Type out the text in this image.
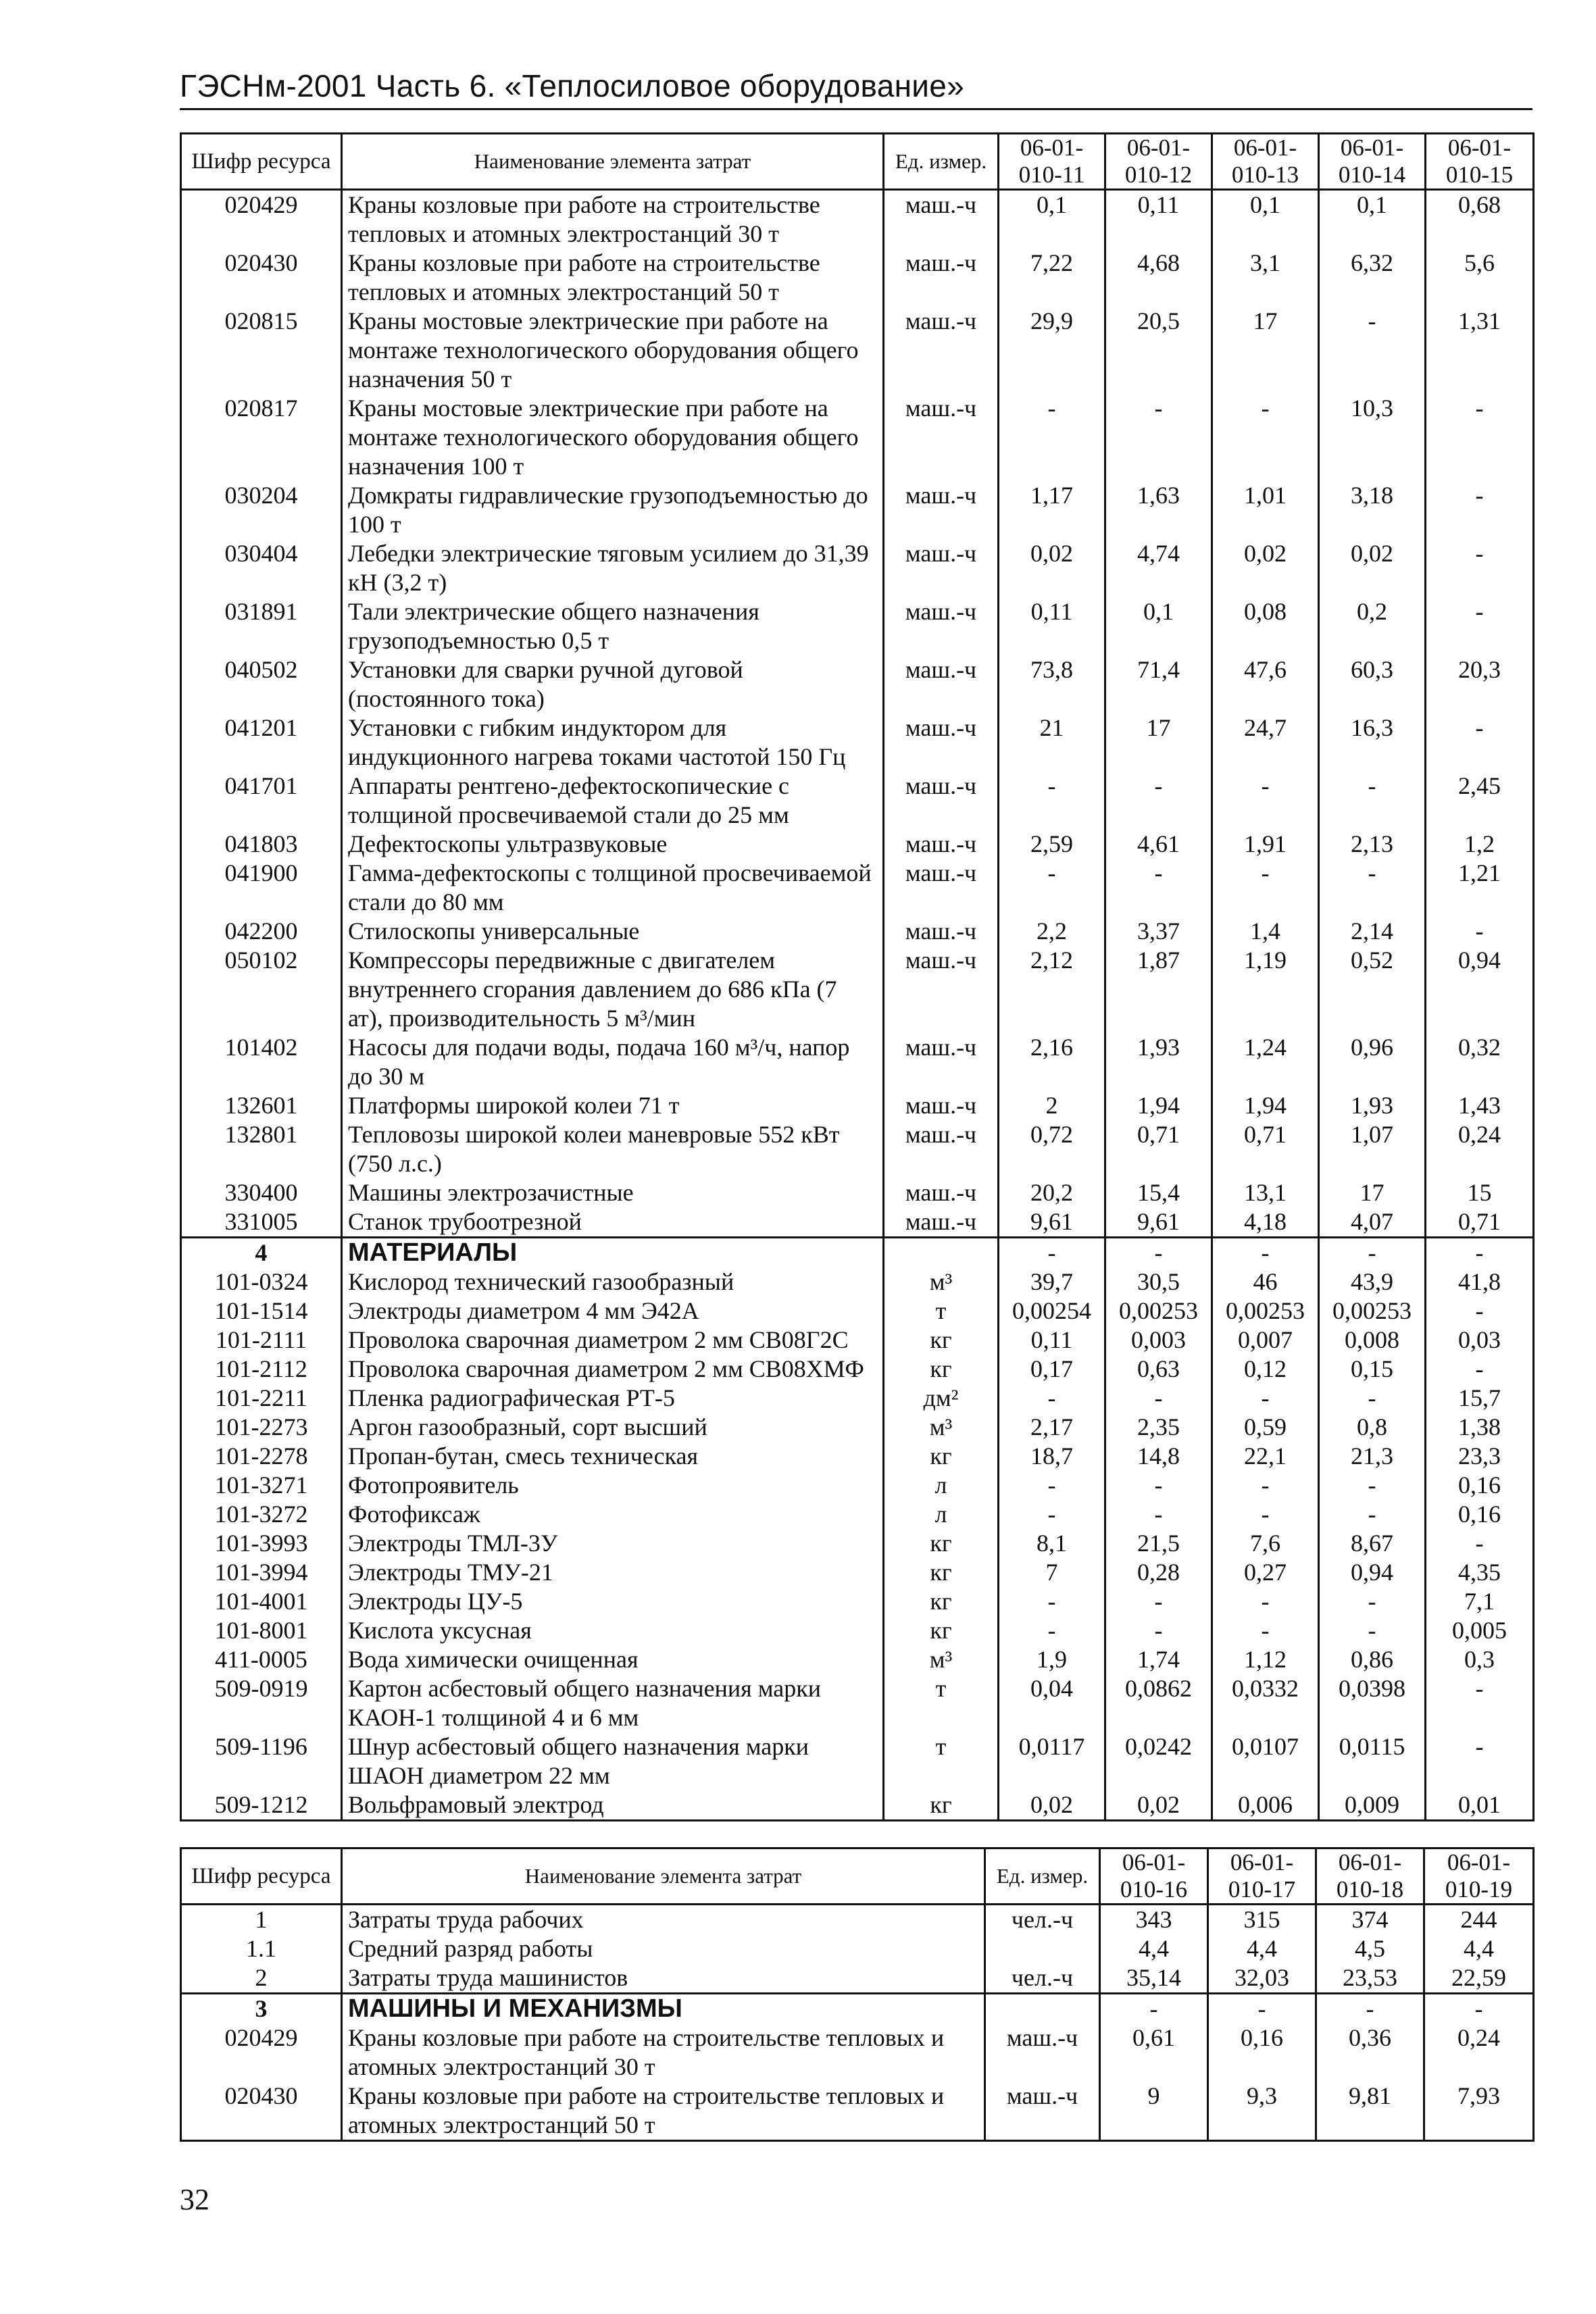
ГЭСНм-2001 Часть 6. «Теплосиловое оборудование»
Шифр ресурса	Наименование элемента затрат	Ед. измер.	06-01-010-11	06-01-010-12	06-01-010-13	06-01-010-14	06-01-010-15
020429	Краны козловые при работе на строительстве тепловых и атомных электростанций 30 т	маш.-ч	0,1	0,11	0,1	0,1	0,68
020430	Краны козловые при работе на строительстве тепловых и атомных электростанций 50 т	маш.-ч	7,22	4,68	3,1	6,32	5,6
020815	Краны мостовые электрические при работе на монтаже технологического оборудования общего назначения 50 т	маш.-ч	29,9	20,5	17	-	1,31
020817	Краны мостовые электрические при работе на монтаже технологического оборудования общего назначения 100 т	маш.-ч	-	-	-	10,3	-
030204	Домкраты гидравлические грузоподъемностью до 100 т	маш.-ч	1,17	1,63	1,01	3,18	-
030404	Лебедки электрические тяговым усилием до 31,39 кН (3,2 т)	маш.-ч	0,02	4,74	0,02	0,02	-
031891	Тали электрические общего назначения грузоподъемностью 0,5 т	маш.-ч	0,11	0,1	0,08	0,2	-
040502	Установки для сварки ручной дуговой (постоянного тока)	маш.-ч	73,8	71,4	47,6	60,3	20,3
041201	Установки с гибким индуктором для индукционного нагрева токами частотой 150 Гц	маш.-ч	21	17	24,7	16,3	-
041701	Аппараты рентгено-дефектоскопические с толщиной просвечиваемой стали до 25 мм	маш.-ч	-	-	-	-	2,45
041803	Дефектоскопы ультразвуковые	маш.-ч	2,59	4,61	1,91	2,13	1,2
041900	Гамма-дефектоскопы с толщиной просвечиваемой стали до 80 мм	маш.-ч	-	-	-	-	1,21
042200	Стилоскопы универсальные	маш.-ч	2,2	3,37	1,4	2,14	-
050102	Компрессоры передвижные с двигателем внутреннего сгорания давлением до 686 кПа (7 ат), производительность 5 м³/мин	маш.-ч	2,12	1,87	1,19	0,52	0,94
101402	Насосы для подачи воды, подача 160 м³/ч, напор до 30 м	маш.-ч	2,16	1,93	1,24	0,96	0,32
132601	Платформы широкой колеи 71 т	маш.-ч	2	1,94	1,94	1,93	1,43
132801	Тепловозы широкой колеи маневровые 552 кВт (750 л.с.)	маш.-ч	0,72	0,71	0,71	1,07	0,24
330400	Машины электрозачистные	маш.-ч	20,2	15,4	13,1	17	15
331005	Станок трубоотрезной	маш.-ч	9,61	9,61	4,18	4,07	0,71
4	МАТЕРИАЛЫ		-	-	-	-	-
101-0324	Кислород технический газообразный	м³	39,7	30,5	46	43,9	41,8
101-1514	Электроды диаметром 4 мм Э42А	т	0,00254	0,00253	0,00253	0,00253	-
101-2111	Проволока сварочная диаметром 2 мм СВ08Г2С	кг	0,11	0,003	0,007	0,008	0,03
101-2112	Проволока сварочная диаметром 2 мм СВ08ХМФ	кг	0,17	0,63	0,12	0,15	-
101-2211	Пленка радиографическая РТ-5	дм²	-	-	-	-	15,7
101-2273	Аргон газообразный, сорт высший	м³	2,17	2,35	0,59	0,8	1,38
101-2278	Пропан-бутан, смесь техническая	кг	18,7	14,8	22,1	21,3	23,3
101-3271	Фотопроявитель	л	-	-	-	-	0,16
101-3272	Фотофиксаж	л	-	-	-	-	0,16
101-3993	Электроды ТМЛ-3У	кг	8,1	21,5	7,6	8,67	-
101-3994	Электроды ТМУ-21	кг	7	0,28	0,27	0,94	4,35
101-4001	Электроды ЦУ-5	кг	-	-	-	-	7,1
101-8001	Кислота уксусная	кг	-	-	-	-	0,005
411-0005	Вода химически очищенная	м³	1,9	1,74	1,12	0,86	0,3
509-0919	Картон асбестовый общего назначения марки КАОН-1 толщиной 4 и 6 мм	т	0,04	0,0862	0,0332	0,0398	-
509-1196	Шнур асбестовый общего назначения марки ШАОН диаметром 22 мм	т	0,0117	0,0242	0,0107	0,0115	-
509-1212	Вольфрамовый электрод	кг	0,02	0,02	0,006	0,009	0,01
Шифр ресурса	Наименование элемента затрат	Ед. измер.	06-01-010-16	06-01-010-17	06-01-010-18	06-01-010-19
1	Затраты труда рабочих	чел.-ч	343	315	374	244
1.1	Средний разряд работы		4,4	4,4	4,5	4,4
2	Затраты труда машинистов	чел.-ч	35,14	32,03	23,53	22,59
3	МАШИНЫ И МЕХАНИЗМЫ		-	-	-	-
020429	Краны козловые при работе на строительстве тепловых и атомных электростанций 30 т	маш.-ч	0,61	0,16	0,36	0,24
020430	Краны козловые при работе на строительстве тепловых и атомных электростанций 50 т	маш.-ч	9	9,3	9,81	7,93
32
